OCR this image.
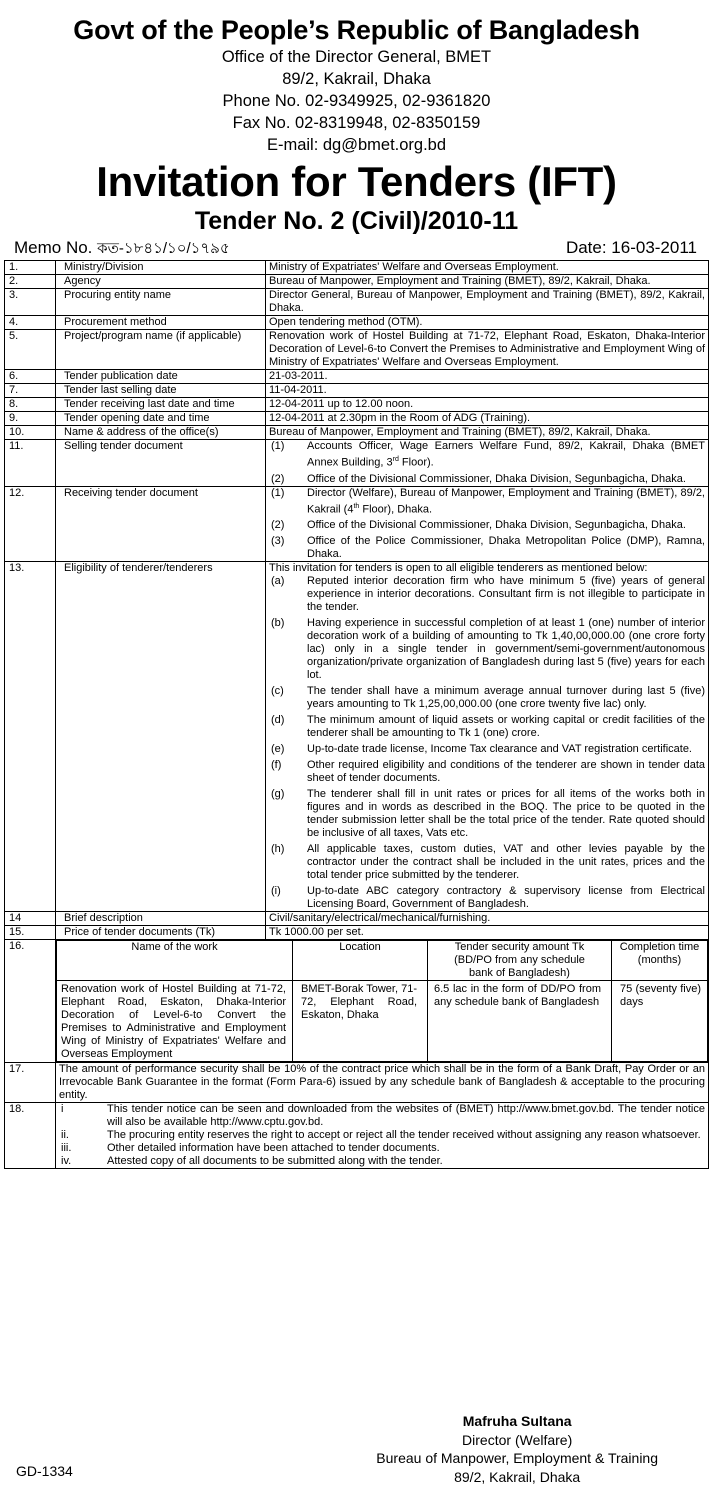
Govt of the People’s Republic of Bangladesh
Office of the Director General, BMET
89/2, Kakrail, Dhaka
Phone No. 02-9349925, 02-9361820
Fax No. 02-8319948, 02-8350159
E-mail: dg@bmet.org.bd
Invitation for Tenders (IFT)
Tender No. 2 (Civil)/2010-11
Memo No. কত-১৮৪১/১০/১৭৯৫	Date: 16-03-2011
1.	Ministry/Division	Ministry of Expatriates' Welfare and Overseas Employment.
2.	Agency	Bureau of Manpower, Employment and Training (BMET), 89/2, Kakrail, Dhaka.
3.	Procuring entity name	Director General, Bureau of Manpower, Employment and Training (BMET), 89/2, Kakrail, Dhaka.
4.	Procurement method	Open tendering method (OTM).
5.	Project/program name (if applicable)	Renovation work of Hostel Building at 71-72, Elephant Road, Eskaton, Dhaka-Interior Decoration of Level-6-to Convert the Premises to Administrative and Employment Wing of Ministry of Expatriates' Welfare and Overseas Employment.
6.	Tender publication date	21-03-2011.
7.	Tender last selling date	11-04-2011.
8.	Tender receiving last date and time	12-04-2011 up to 12.00 noon.
9.	Tender opening date and time	12-04-2011 at 2.30pm in the Room of ADG (Training).
10.	Name & address of the office(s)	Bureau of Manpower, Employment and Training (BMET), 89/2, Kakrail, Dhaka.
11.	Selling tender document	(1)	Accounts Officer, Wage Earners Welfare Fund, 89/2, Kakrail, Dhaka (BMET Annex Building, 3rd Floor).
(2)	Office of the Divisional Commissioner, Dhaka Division, Segunbagicha, Dhaka.

12.	Receiving tender document	(1)	Director (Welfare), Bureau of Manpower, Employment and Training (BMET), 89/2, Kakrail (4th Floor), Dhaka.
(2)	Office of the Divisional Commissioner, Dhaka Division, Segunbagicha, Dhaka.
(3)	Office of the Police Commissioner, Dhaka Metropolitan Police (DMP), Ramna, Dhaka.

13.	Eligibility of tenderer/tenderers	This invitation for tenders is open to all eligible tenderers as mentioned below:
(a)	Reputed interior decoration firm who have minimum 5 (five) years of general experience in interior decorations. Consultant firm is not illegible to participate in the tender.
(b)	Having experience in successful completion of at least 1 (one) number of interior decoration work of a building of amounting to Tk 1,40,00,000.00 (one crore forty lac) only in a single tender in government/semi-government/autonomous organization/private organization of Bangladesh during last 5 (five) years for each lot.
(c)	The tender shall have a minimum average annual turnover during last 5 (five) years amounting to Tk 1,25,00,000.00 (one crore twenty five lac) only.
(d)	The minimum amount of liquid assets or working capital or credit facilities of the tenderer shall be amounting to Tk 1 (one) crore.
(e)	Up-to-date trade license, Income Tax clearance and VAT registration certificate.
(f)	Other required eligibility and conditions of the tenderer are shown in tender data sheet of tender documents.
(g)	The tenderer shall fill in unit rates or prices for all items of the works both in figures and in words as described in the BOQ. The price to be quoted in the tender submission letter shall be the total price of the tender. Rate quoted should be inclusive of all taxes, Vats etc.
(h)	All applicable taxes, custom duties, VAT and other levies payable by the contractor under the contract shall be included in the unit rates, prices and the total tender price submitted by the tenderer.
(i)	Up-to-date ABC category contractory & supervisory license from Electrical Licensing Board, Government of Bangladesh.

14	Brief description	Civil/sanitary/electrical/mechanical/furnishing.
15.	Price of tender documents (Tk)	Tk 1000.00 per set.
16.		Name of the work	Location	Tender security amount Tk (BD/PO from any schedule bank of Bangladesh)	Completion time (months)
Renovation work of Hostel Building at 71-72, Elephant Road, Eskaton, Dhaka-Interior Decoration of Level-6-to Convert the Premises to Administrative and Employment Wing of Ministry of Expatriates' Welfare and Overseas Employment	BMET-Borak Tower, 71-72, Elephant Road, Eskaton, Dhaka	6.5 lac in the form of DD/PO from any schedule bank of Bangladesh	75 (seventy five) days

17.	The amount of performance security shall be 10% of the contract price which shall be in the form of a Bank Draft, Pay Order or an Irrevocable Bank Guarantee in the format (Form Para-6) issued by any schedule bank of Bangladesh & acceptable to the procuring entity.
18.	i	This tender notice can be seen and downloaded from the websites of (BMET) http://www.bmet.gov.bd. The tender notice will also be available http://www.cptu.gov.bd.
ii.	The procuring entity reserves the right to accept or reject all the tender received without assigning any reason whatsoever.
iii.	Other detailed information have been attached to tender documents.
iv.	Attested copy of all documents to be submitted along with the tender.
Mafruha Sultana
Director (Welfare)
Bureau of Manpower, Employment & Training
89/2, Kakrail, Dhaka
GD-1334
